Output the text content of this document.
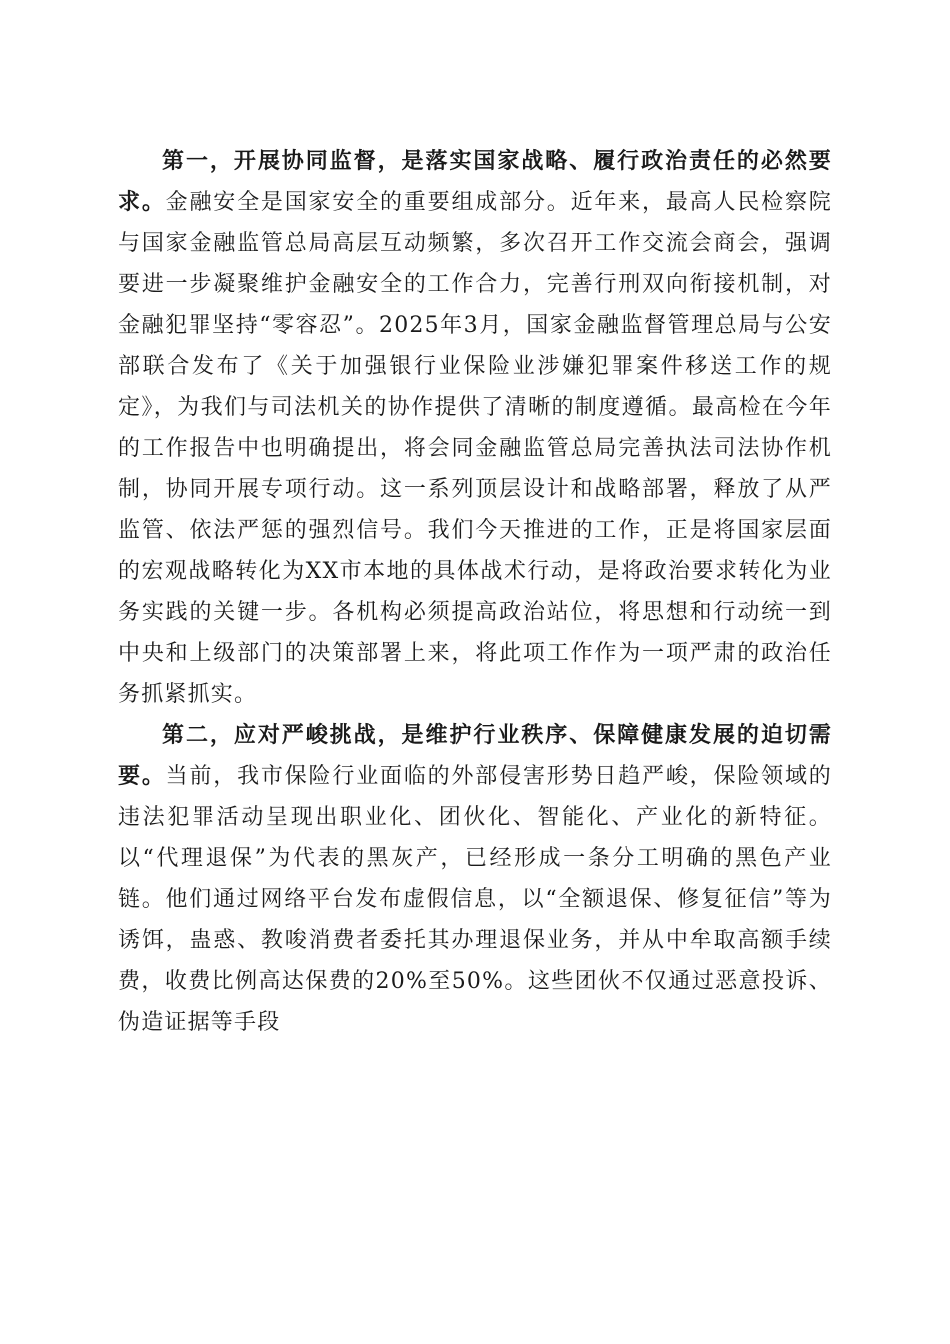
第一，开展协同监督，是落实国家战略、履行政治责任的必然要求。金融安全是国家安全的重要组成部分。近年来，最高人民检察院与国家金融监管总局高层互动频繁，多次召开工作交流会商会，强调要进一步凝聚维护金融安全的工作合力，完善行刑双向衔接机制，对金融犯罪坚持“零容忍”。2025年3月，国家金融监督管理总局与公安部联合发布了《关于加强银行业保险业涉嫌犯罪案件移送工作的规定》，为我们与司法机关的协作提供了清晰的制度遵循。最高检在今年的工作报告中也明确提出，将会同金融监管总局完善执法司法协作机制，协同开展专项行动。这一系列顶层设计和战略部署，释放了从严监管、依法严惩的强烈信号。我们今天推进的工作，正是将国家层面的宏观战略转化为XX市本地的具体战术行动，是将政治要求转化为业务实践的关键一步。各机构必须提高政治站位，将思想和行动统一到中央和上级部门的决策部署上来，将此项工作作为一项严肃的政治任务抓紧抓实。

第二，应对严峻挑战，是维护行业秩序、保障健康发展的迫切需要。当前，我市保险行业面临的外部侵害形势日趋严峻，保险领域的违法犯罪活动呈现出职业化、团伙化、智能化、产业化的新特征。以“代理退保”为代表的黑灰产，已经形成一条分工明确的黑色产业链。他们通过网络平台发布虚假信息，以“全额退保、修复征信”等为诱饵，蛊惑、教唆消费者委托其办理退保业务，并从中牟取高额手续费，收费比例高达保费的20%至50%。这些团伙不仅通过恶意投诉、伪造证据等手段
